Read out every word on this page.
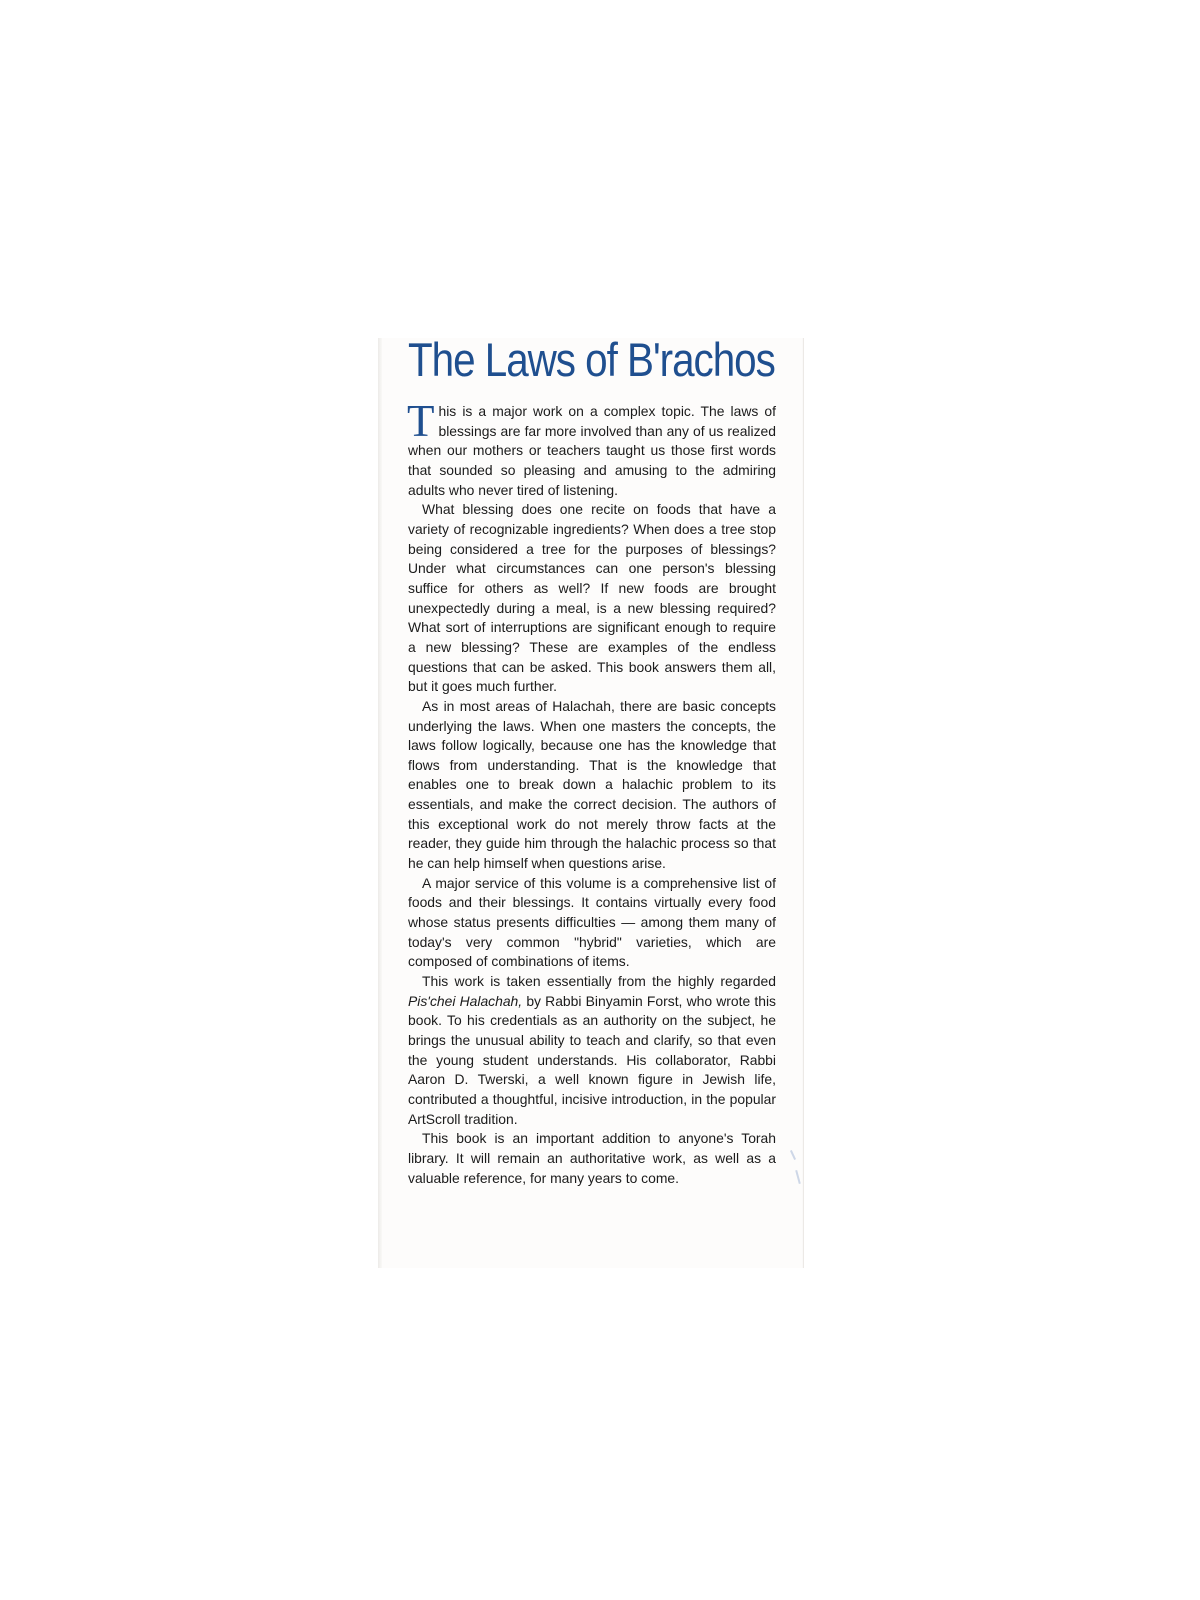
The Laws of B'rachos

This is a major work on a complex topic. The laws of blessings are far more involved than any of us realized when our mothers or teachers taught us those first words that sounded so pleasing and amusing to the admiring adults who never tired of listening.

What blessing does one recite on foods that have a variety of recognizable ingredients? When does a tree stop being considered a tree for the purposes of blessings? Under what circumstances can one person's blessing suffice for others as well? If new foods are brought unexpectedly during a meal, is a new blessing required? What sort of interruptions are significant enough to require a new blessing? These are examples of the endless questions that can be asked. This book answers them all, but it goes much further.

As in most areas of Halachah, there are basic concepts underlying the laws. When one masters the concepts, the laws follow logically, because one has the knowledge that flows from understanding. That is the knowledge that enables one to break down a halachic problem to its essentials, and make the correct decision. The authors of this exceptional work do not merely throw facts at the reader, they guide him through the halachic process so that he can help himself when questions arise.

A major service of this volume is a comprehensive list of foods and their blessings. It contains virtually every food whose status presents difficulties — among them many of today's very common "hybrid" varieties, which are composed of combinations of items.

This work is taken essentially from the highly regarded Pis'chei Halachah, by Rabbi Binyamin Forst, who wrote this book. To his credentials as an authority on the subject, he brings the unusual ability to teach and clarify, so that even the young student understands. His collaborator, Rabbi Aaron D. Twerski, a well known figure in Jewish life, contributed a thoughtful, incisive introduction, in the popular ArtScroll tradition.

This book is an important addition to anyone's Torah library. It will remain an authoritative work, as well as a valuable reference, for many years to come.
